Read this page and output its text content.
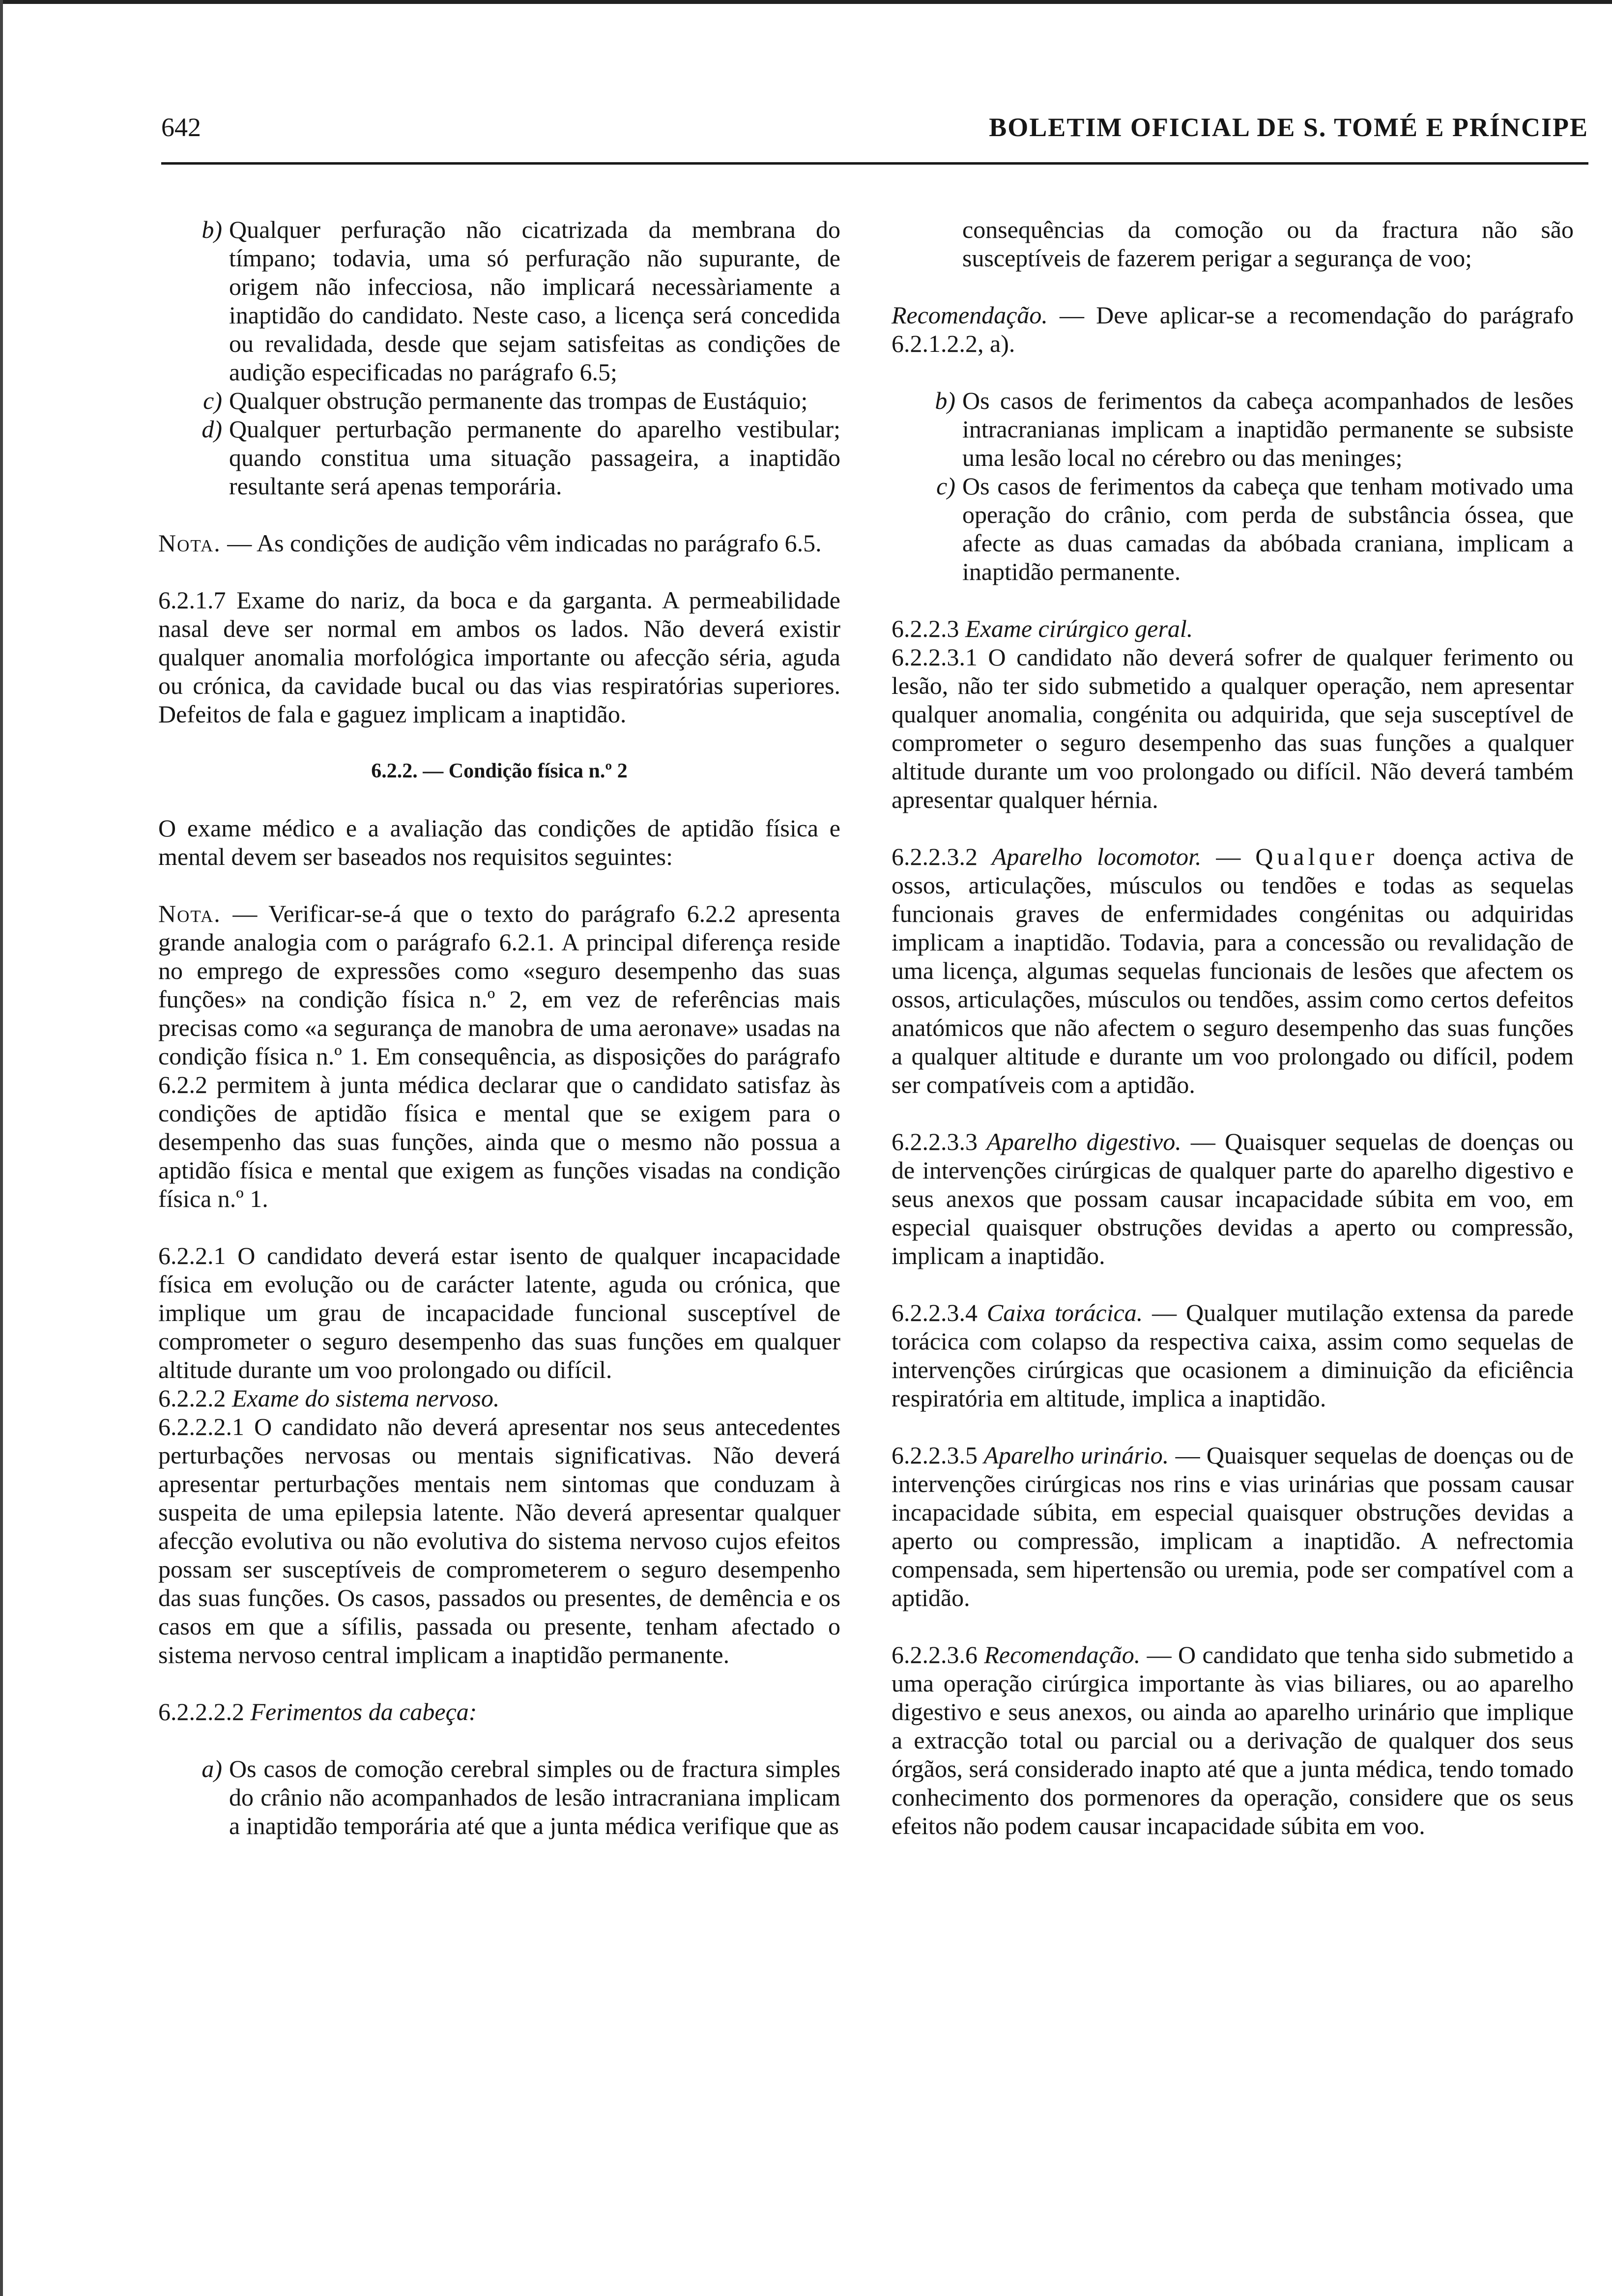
642	BOLETIM OFICIAL DE S. TOMÉ E PRÍNCIPE
b) Qualquer perfuração não cicatrizada da membrana do tímpano; todavia, uma só perfuração não supurante, de origem não infecciosa, não implicará necessàriamente a inaptidão do candidato. Neste caso, a licença será concedida ou revalidada, desde que sejam satisfeitas as condições de audição especificadas no parágrafo 6.5;
c) Qualquer obstrução permanente das trompas de Eustáquio;
d) Qualquer perturbação permanente do aparelho vestibular; quando constitua uma situação passageira, a inaptidão resultante será apenas temporária.

Nota. — As condições de audição vêm indicadas no parágrafo 6.5.

6.2.1.7 Exame do nariz, da boca e da garganta. A permeabilidade nasal deve ser normal em ambos os lados. Não deverá existir qualquer anomalia morfológica importante ou afecção séria, aguda ou crónica, da cavidade bucal ou das vias respiratórias superiores. Defeitos de fala e gaguez implicam a inaptidão.

6.2.2. — Condição física n.º 2

O exame médico e a avaliação das condições de aptidão física e mental devem ser baseados nos requisitos seguintes:

Nota. — Verificar-se-á que o texto do parágrafo 6.2.2 apresenta grande analogia com o parágrafo 6.2.1. A principal diferença reside no emprego de expressões como «seguro desempenho das suas funções» na condição física n.º 2, em vez de referências mais precisas como «a segurança de manobra de uma aeronave» usadas na condição física n.º 1. Em consequência, as disposições do parágrafo 6.2.2 permitem à junta médica declarar que o candidato satisfaz às condições de aptidão física e mental que se exigem para o desempenho das suas funções, ainda que o mesmo não possua a aptidão física e mental que exigem as funções visadas na condição física n.º 1.

6.2.2.1 O candidato deverá estar isento de qualquer incapacidade física em evolução ou de carácter latente, aguda ou crónica, que implique um grau de incapacidade funcional susceptível de comprometer o seguro desempenho das suas funções em qualquer altitude durante um voo prolongado ou difícil.

6.2.2.2 Exame do sistema nervoso.

6.2.2.2.1 O candidato não deverá apresentar nos seus antecedentes perturbações nervosas ou mentais significativas. Não deverá apresentar perturbações mentais nem sintomas que conduzam à suspeita de uma epilepsia latente. Não deverá apresentar qualquer afecção evolutiva ou não evolutiva do sistema nervoso cujos efeitos possam ser susceptíveis de comprometerem o seguro desempenho das suas funções. Os casos, passados ou presentes, de demência e os casos em que a sífilis, passada ou presente, tenham afectado o sistema nervoso central implicam a inaptidão permanente.

6.2.2.2.2 Ferimentos da cabeça:

a) Os casos de comoção cerebral simples ou de fractura simples do crânio não acompanhados de lesão intracraniana implicam a inaptidão temporária até que a junta médica verifique que as

consequências da comoção ou da fractura não são susceptíveis de fazerem perigar a segurança de voo;

Recomendação. — Deve aplicar-se a recomendação do parágrafo 6.2.1.2.2, a).

b) Os casos de ferimentos da cabeça acompanhados de lesões intracranianas implicam a inaptidão permanente se subsiste uma lesão local no cérebro ou das meninges;
c) Os casos de ferimentos da cabeça que tenham motivado uma operação do crânio, com perda de substância óssea, que afecte as duas camadas da abóbada craniana, implicam a inaptidão permanente.

6.2.2.3 Exame cirúrgico geral.

6.2.2.3.1 O candidato não deverá sofrer de qualquer ferimento ou lesão, não ter sido submetido a qualquer operação, nem apresentar qualquer anomalia, congénita ou adquirida, que seja susceptível de comprometer o seguro desempenho das suas funções a qualquer altitude durante um voo prolongado ou difícil. Não deverá também apresentar qualquer hérnia.

6.2.2.3.2 Aparelho locomotor. — Qualquer doença activa de ossos, articulações, músculos ou tendões e todas as sequelas funcionais graves de enfermidades congénitas ou adquiridas implicam a inaptidão. Todavia, para a concessão ou revalidação de uma licença, algumas sequelas funcionais de lesões que afectem os ossos, articulações, músculos ou tendões, assim como certos defeitos anatómicos que não afectem o seguro desempenho das suas funções a qualquer altitude e durante um voo prolongado ou difícil, podem ser compatíveis com a aptidão.

6.2.2.3.3 Aparelho digestivo. — Quaisquer sequelas de doenças ou de intervenções cirúrgicas de qualquer parte do aparelho digestivo e seus anexos que possam causar incapacidade súbita em voo, em especial quaisquer obstruções devidas a aperto ou compressão, implicam a inaptidão.

6.2.2.3.4 Caixa torácica. — Qualquer mutilação extensa da parede torácica com colapso da respectiva caixa, assim como sequelas de intervenções cirúrgicas que ocasionem a diminuição da eficiência respiratória em altitude, implica a inaptidão.

6.2.2.3.5 Aparelho urinário. — Quaisquer sequelas de doenças ou de intervenções cirúrgicas nos rins e vias urinárias que possam causar incapacidade súbita, em especial quaisquer obstruções devidas a aperto ou compressão, implicam a inaptidão. A nefrectomia compensada, sem hipertensão ou uremia, pode ser compatível com a aptidão.

6.2.2.3.6 Recomendação. — O candidato que tenha sido submetido a uma operação cirúrgica importante às vias biliares, ou ao aparelho digestivo e seus anexos, ou ainda ao aparelho urinário que implique a extracção total ou parcial ou a derivação de qualquer dos seus órgãos, será considerado inapto até que a junta médica, tendo tomado conhecimento dos pormenores da operação, considere que os seus efeitos não podem causar incapacidade súbita em voo.
